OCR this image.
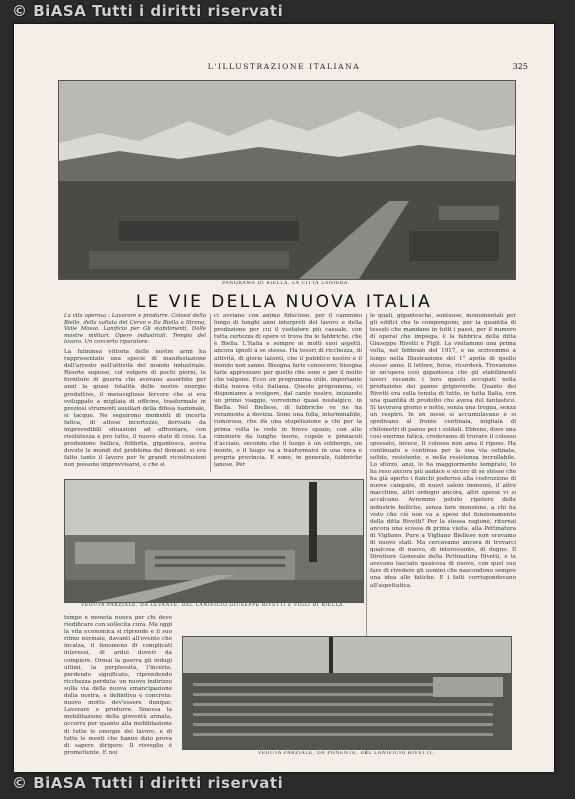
© BiASA Tutti i diritti riservati
L'ILLUSTRAZIONE ITALIANA	325
PANORAMA DI BIELLA, LA CITTÀ LANIERA.
LE VIE DELLA NUOVA ITALIA
La vita operosa : Lavorare e produrre. Colossi dello Bielle, della vallata del Cervo e Da Biella a Strona, Valle Mosso. Lanificio per Gli stabilimenti, Dalle mostre militari. Opere industriali. Tempio del lavoro. Un concerto riparatore.
La fulminea vittoria delle nostre armi ha rappresentato una specie di manifestazione dell'arresto nell'attività del mondo industriale. Risorte sopiose, col volgere di pochi giorni, le forniture di guerra che avevano assorbito per anni la quasi totalità delle nostre energie produttive, il meraviglioso fervore che si era sviluppato a migliaia di officine, trasformate in preziosi strumenti ausiliari della difesa nazionale, si tacque. Ne seguirono momenti di incerta fatica, di attese incertezze, derivate da imprevedibili situazioni ad affrontare, con risolutezza e pro tutte, il nuovo stato di cose. La produzione bellica, febbrile, gigantesca, aveva dovuto le mondi del problema del domani: si era fatto tanto il lavoro per le grandi ricostruzioni non possono improvvisarsi, e che si
ci avviano con animo fiducioso, per il cammino lungo di lunghi anni interpreti del lavoro e della produzione per cui il visitatore più casuale, con tutta certezza di opere vi trova fra le fabbriche, che è Biella. L'Italia e sempre in molti suoi aspetti, ancora ignoti a se stessa. Ha tesori di ricchezza, di attività, di glorie latenti, che il pubblico nostro e il mondo non sanno. Bisogna farle conoscere; bisogna farle apprezzare per quello che sono e per il molto che valgono. Ecco un programma utile, importante della nuova vita italiana. Questo programma, ci disponiamo a svolgere, dal canto nostro, iniziando un primo viaggio, vorremmo quasi nostalgico, in Biella. Nel Biellese, di fabbriche ve ne ha veramente a dovizia. Sono una folla, interminabile, rumorosa, che dà una stupefazione a chi per la prima volta la vede in breve spazio, con alte ciminiere da lunghe teorie, cupole e pinnacoli d'acciaio, secondo che il luogo è un sobborgo, un monte, e il luogo va a trasformarsi in una vera e propria provincia. E sono, in generale, fabbriche lanose. Per
le quali, gigantesche, sontuose, monumentali per gli edifici che le compongono, per la quantità di tessuti che mandano in tutti i paesi, per il numero di operai che impiega, è la fabbrica della ditta Giuseppe Rivetti e Figli. La visitammo una prima volta, nel febbraio del 1917, e ne scrivemmo a lungo nella Illustrazione del 1° aprile di quello stesso anno. Il lettore, forse, ricorderà. Trovammo in un'opera così gigantesca che gli stabilimenti lavori recando i loro questi occupati nella produzione dei panno grigioverde. Quanto dei Rivetti era sulla tenuta di tutto, in tutta Italia, con una quantità di prodotto che aveva del fantastico. Si lavorava giorno e notte, senza una tregua, senza un respiro. In un mese si accumulavano e si spedivano al fronte centinaia, migliaia di chilometri di panno per i soldati. Ebbene, dove una così enorme fatica, credevamo di trovare il colosso spossato, invece, Il colosso non ama il riposo. Ha continuato e continua per la sua via ostinata, solido, resistente, e nella resistenza incrollabile. Lo sforzo, anzi, lo ha maggiormente temprato, lo ha reso ancora più audace e sicuro di se stesso che ha già aperto i fianchi poderosi alla costruzione di nuove campate, di nuovi saloni immensi, il altre macchine, altri ordegni ancora, altri operai vi si accalcano. Avremmo potuto ripetere delle industrie belliche, senza fare menzione, a chi ha visto che ciò non va a spese del funzionamento della ditta Rivetti? Per la stessa ragione, ritornai ancora una scossa di prima visita, alla Pettinatura di Vigliano. Pure a Vigliano Biellese non eravamo di nuovo stati. Ma cercavamo ancora di trovarci qualcosa di nuovo, di interessante, di degno. Il Direttore Generale della Pettinatura Rivetti, e le avevano lasciato qualcosa di nuovo, con quel suo fare di rivedere gli uomini che nascondono sempre una idea alle fatiche. E i fatti corrispondevano all'aspettativa.
VEDUTA PARZIALE, DA LEVANTE, DEL LANIFICIO GIUSEPPE RIVETTI E FIGLI DI BIELLA.
tempo e moneta nuova per chi deve riedificare con sollecita cura. Ma oggi la vita economica si riprende e il suo ritmo normale, davanti all'evento che incalza, il fenomeno di complicati interessi, di ardui doveri da compiere. Ormai la guerra gli indugi ultimi, la perplessità, l'incerta, perdendo significato, riprendendo ricchezza perduta: un nuovo indirizzo sulla via della nuova emancipazione della nostra, e definitiva e concreta: nuovo motto dev'essere dunque: Lavorare e produrre. Smessa la mobilitazione della gioventù armata, occorre per quanto alla mobilitazione di tutte le energie del lavoro, e di tutte le menti che hanno dato prova di sapere dirigere. Il risveglio è promettente. E noi	VEDUTA PARZIALE, DA PONENTE, DEL LANIFICIO RIVETTI.
© BiASA Tutti i diritti riservati
